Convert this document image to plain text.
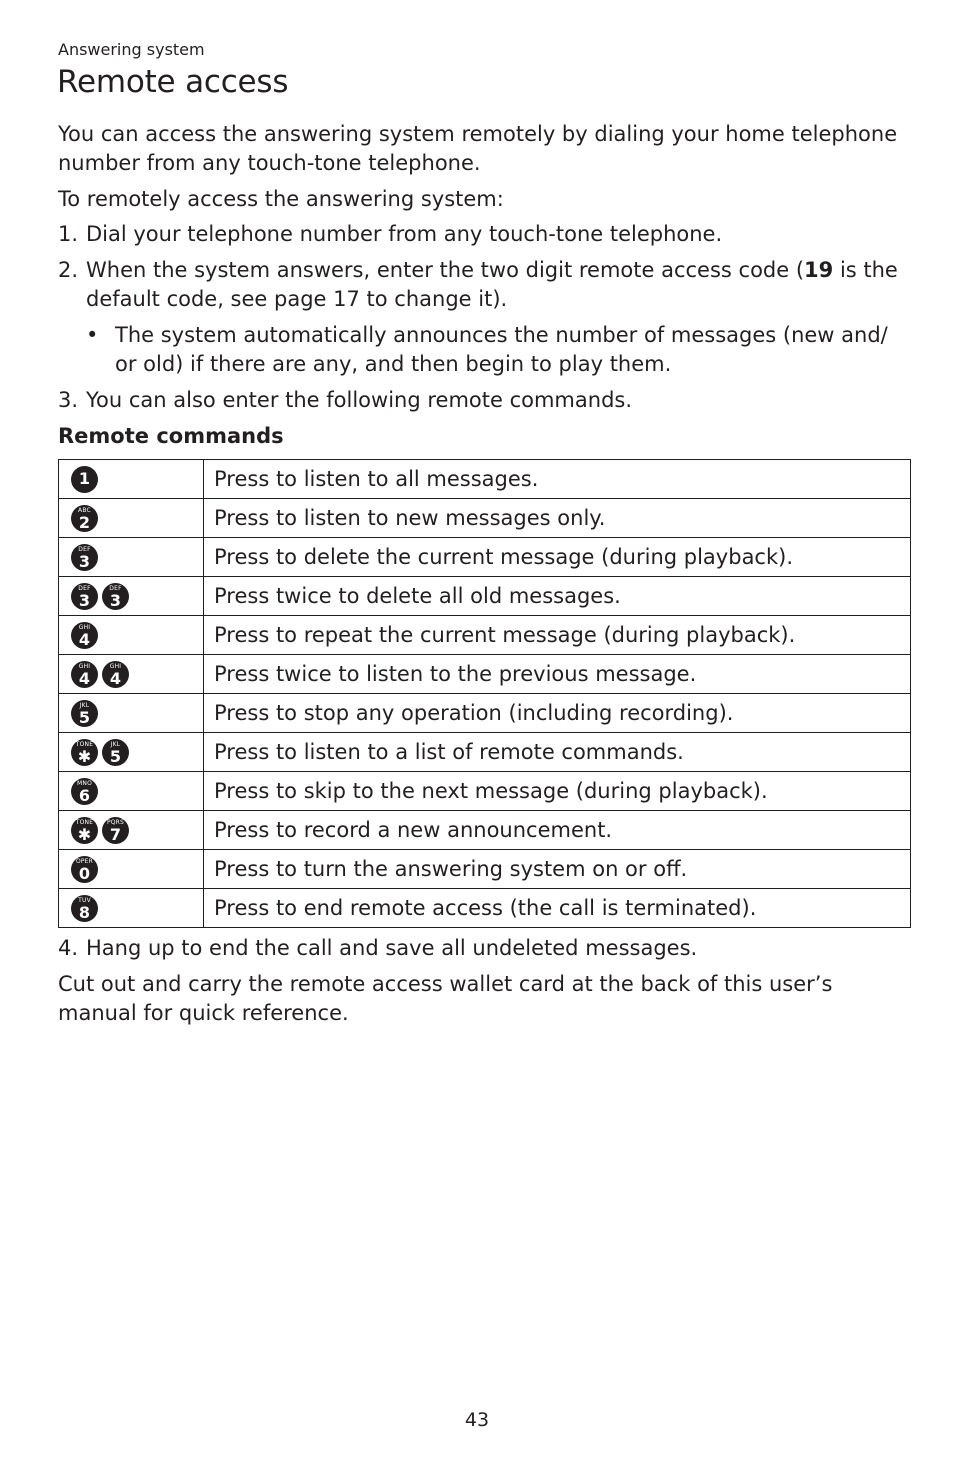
Answering system
Remote access

You can access the answering system remotely by dialing your home telephone number from any touch-tone telephone.

To remotely access the answering system:

1. Dial your telephone number from any touch-tone telephone.
2. When the system answers, enter the two digit remote access code (19 is the default code, see page 17 to change it).
• The system automatically announces the number of messages (new and/ or old) if there are any, and then begin to play them.
3. You can also enter the following remote commands.
Remote commands
1	Press to listen to all messages.

ABC
2	Press to listen to new messages only.

DEF
3	Press to delete the current message (during playback).

DEF
3
DEF
3	Press twice to delete all old messages.

GHI
4	Press to repeat the current message (during playback).

GHI
4
GHI
4	Press twice to listen to the previous message.

JKL
5	Press to stop any operation (including recording).

TONE
✱
JKL
5	Press to listen to a list of remote commands.

MNO
6	Press to skip to the next message (during playback).

TONE
✱
PQRS
7	Press to record a new announcement.

OPER
0	Press to turn the answering system on or off.

TUV
8	Press to end remote access (the call is terminated).
4. Hang up to end the call and save all undeleted messages.

Cut out and carry the remote access wallet card at the back of this user’s manual for quick reference.

43
